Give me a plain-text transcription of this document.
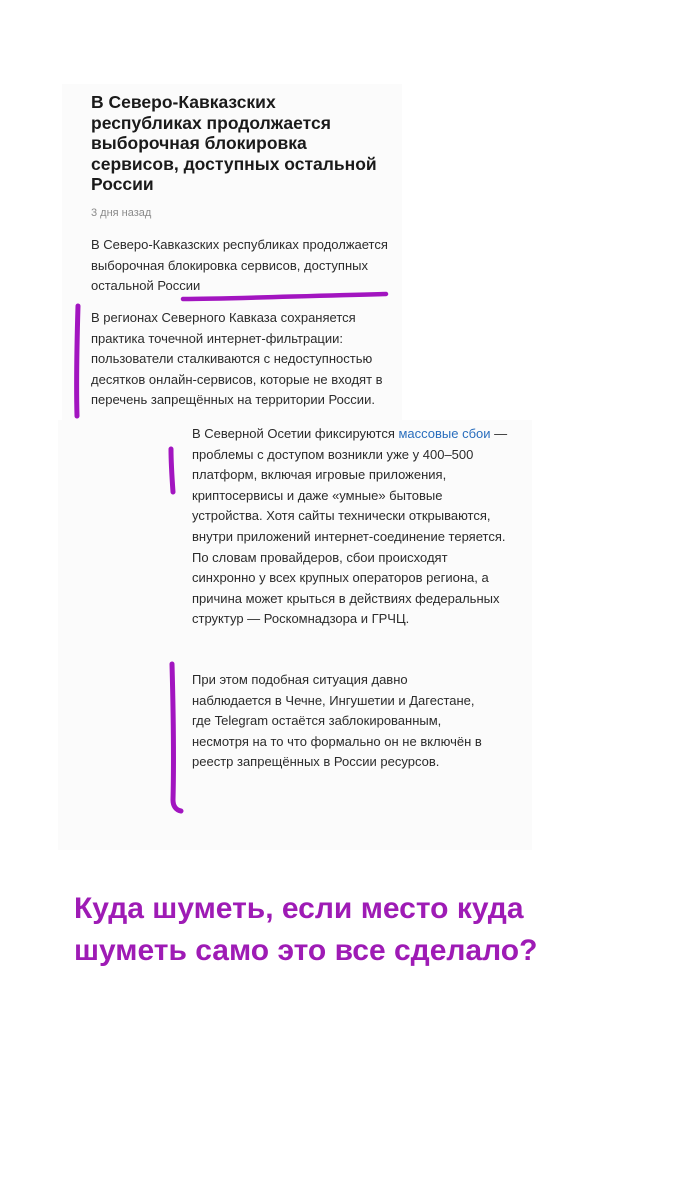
В Северо-Кавказских республиках продолжается выборочная блокировка сервисов, доступных остальной России
3 дня назад

В Северо-Кавказских республиках продолжается выборочная блокировка сервисов, доступных остальной России

В регионах Северного Кавказа сохраняется практика точечной интернет-фильтрации: пользователи сталкиваются с недоступностью десятков онлайн-сервисов, которые не входят в перечень запрещённых на территории России.

В Северной Осетии фиксируются массовые сбои — проблемы с доступом возникли уже у 400–500 платформ, включая игровые приложения, криптосервисы и даже «умные» бытовые устройства. Хотя сайты технически открываются, внутри приложений интернет-соединение теряется. По словам провайдеров, сбои происходят синхронно у всех крупных операторов региона, а причина может крыться в действиях федеральных структур — Роскомнадзора и ГРЧЦ.

При этом подобная ситуация давно наблюдается в Чечне, Ингушетии и Дагестане, где Telegram остаётся заблокированным, несмотря на то что формально он не включён в реестр запрещённых в России ресурсов.

Куда шуметь, если место куда шуметь само это все сделало?
